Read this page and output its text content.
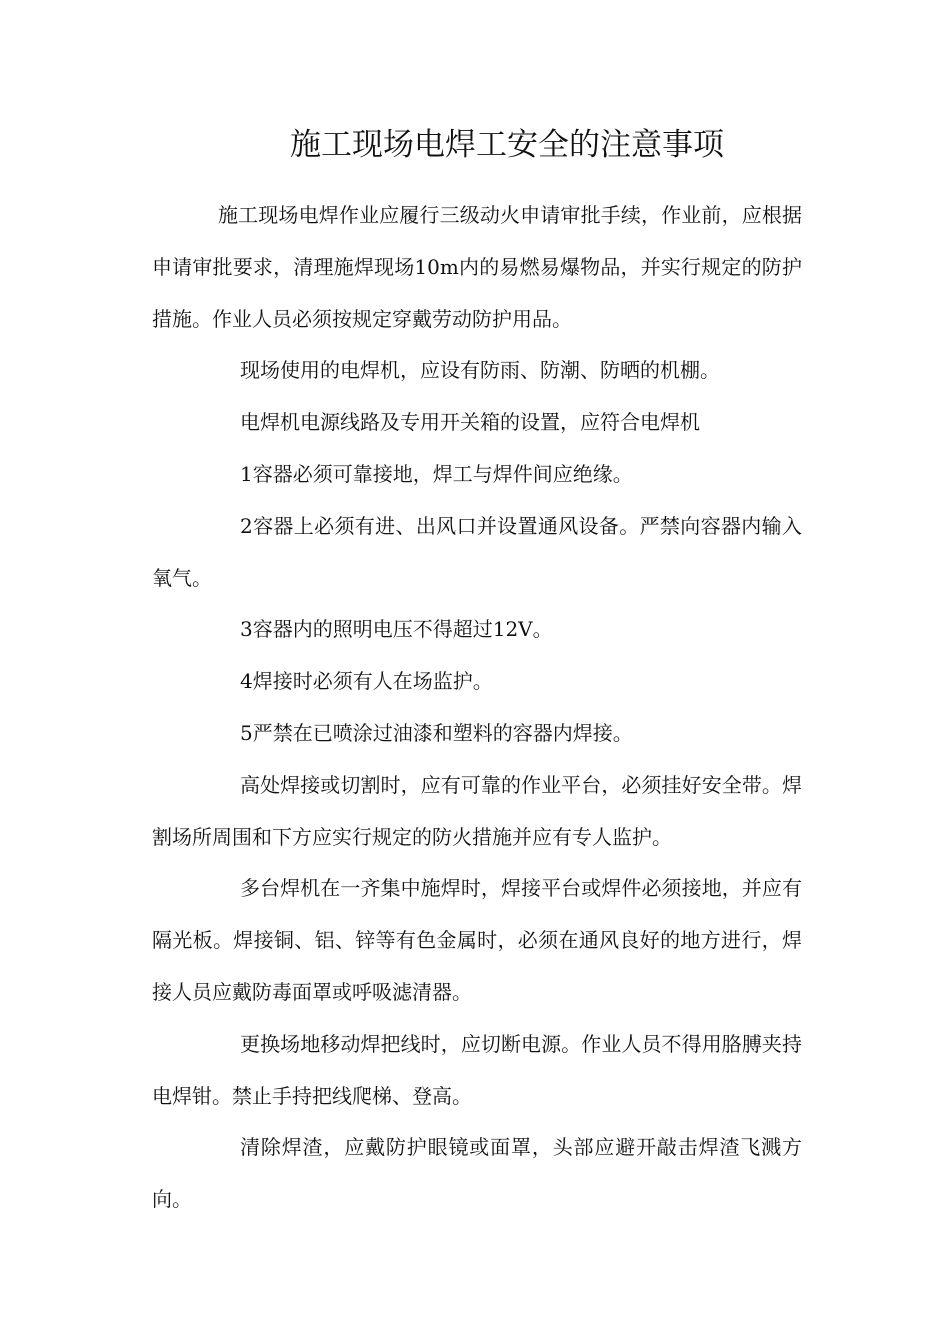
施工现场电焊工安全的注意事项

施工现场电焊作业应履行三级动火申请审批手续，作业前，应根据申请审批要求，清理施焊现场10m内的易燃易爆物品，并实行规定的防护措施。作业人员必须按规定穿戴劳动防护用品。

现场使用的电焊机，应设有防雨、防潮、防晒的机棚。

电焊机电源线路及专用开关箱的设置，应符合电焊机

1容器必须可靠接地，焊工与焊件间应绝缘。

2容器上必须有进、出风口并设置通风设备。严禁向容器内输入氧气。

3容器内的照明电压不得超过12V。

4焊接时必须有人在场监护。

5严禁在已喷涂过油漆和塑料的容器内焊接。

高处焊接或切割时，应有可靠的作业平台，必须挂好安全带。焊割场所周围和下方应实行规定的防火措施并应有专人监护。

多台焊机在一齐集中施焊时，焊接平台或焊件必须接地，并应有隔光板。焊接铜、铝、锌等有色金属时，必须在通风良好的地方进行，焊接人员应戴防毒面罩或呼吸滤清器。

更换场地移动焊把线时，应切断电源。作业人员不得用胳膊夹持电焊钳。禁止手持把线爬梯、登高。

清除焊渣，应戴防护眼镜或面罩，头部应避开敲击焊渣飞溅方向。
